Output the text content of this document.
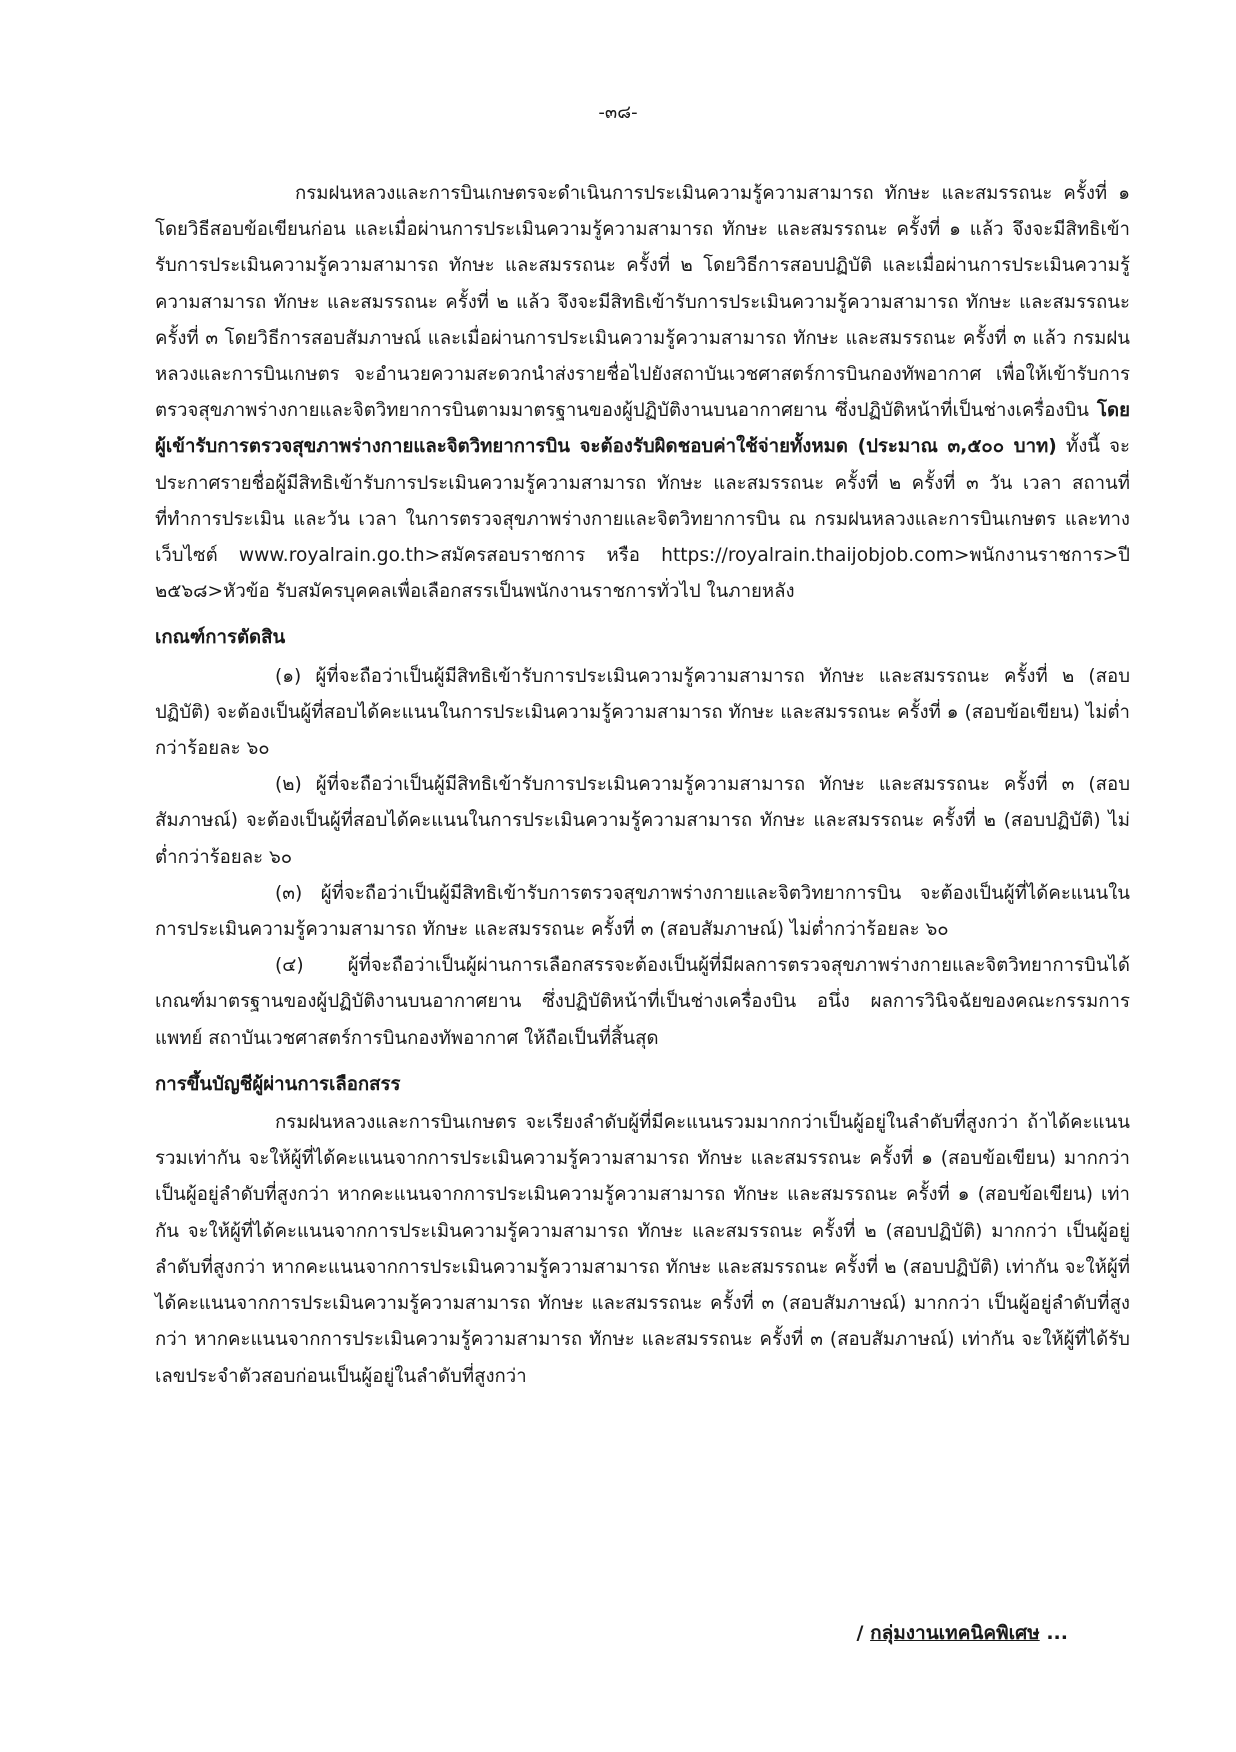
-๓๘-

กรมฝนหลวงและการบินเกษตรจะดำเนินการประเมินความรู้ความสามารถ ทักษะ และสมรรถนะ ครั้งที่ ๑ โดยวิธีสอบข้อเขียนก่อน และเมื่อผ่านการประเมินความรู้ความสามารถ ทักษะ และสมรรถนะ ครั้งที่ ๑ แล้ว จึงจะมีสิทธิเข้ารับการประเมินความรู้ความสามารถ ทักษะ และสมรรถนะ ครั้งที่ ๒ โดยวิธีการสอบปฏิบัติ และเมื่อผ่านการประเมินความรู้ความสามารถ ทักษะ และสมรรถนะ ครั้งที่ ๒ แล้ว จึงจะมีสิทธิเข้ารับการประเมินความรู้ความสามารถ ทักษะ และสมรรถนะ ครั้งที่ ๓ โดยวิธีการสอบสัมภาษณ์ และเมื่อผ่านการประเมินความรู้ความสามารถ ทักษะ และสมรรถนะ ครั้งที่ ๓ แล้ว กรมฝนหลวงและการบินเกษตร จะอำนวยความสะดวกนำส่งรายชื่อไปยังสถาบันเวชศาสตร์การบินกองทัพอากาศ เพื่อให้เข้ารับการตรวจสุขภาพร่างกายและจิตวิทยาการบินตามมาตรฐานของผู้ปฏิบัติงานบนอากาศยาน ซึ่งปฏิบัติหน้าที่เป็นช่างเครื่องบิน โดยผู้เข้ารับการตรวจสุขภาพร่างกายและจิตวิทยาการบิน จะต้องรับผิดชอบค่าใช้จ่ายทั้งหมด (ประมาณ ๓,๕๐๐ บาท) ทั้งนี้ จะประกาศรายชื่อผู้มีสิทธิเข้ารับการประเมินความรู้ความสามารถ ทักษะ และสมรรถนะ ครั้งที่ ๒ ครั้งที่ ๓ วัน เวลา สถานที่ที่ทำการประเมิน และวัน เวลา ในการตรวจสุขภาพร่างกายและจิตวิทยาการบิน ณ กรมฝนหลวงและการบินเกษตร และทางเว็บไซต์ www.royalrain.go.th>สมัครสอบราชการ หรือ https://royalrain.thaijobjob.com>พนักงานราชการ>ปี ๒๕๖๘>หัวข้อ รับสมัครบุคคลเพื่อเลือกสรรเป็นพนักงานราชการทั่วไป ในภายหลัง

เกณฑ์การตัดสิน

(๑) ผู้ที่จะถือว่าเป็นผู้มีสิทธิเข้ารับการประเมินความรู้ความสามารถ ทักษะ และสมรรถนะ ครั้งที่ ๒ (สอบปฏิบัติ) จะต้องเป็นผู้ที่สอบได้คะแนนในการประเมินความรู้ความสามารถ ทักษะ และสมรรถนะ ครั้งที่ ๑ (สอบข้อเขียน) ไม่ต่ำกว่าร้อยละ ๖๐

(๒) ผู้ที่จะถือว่าเป็นผู้มีสิทธิเข้ารับการประเมินความรู้ความสามารถ ทักษะ และสมรรถนะ ครั้งที่ ๓ (สอบสัมภาษณ์) จะต้องเป็นผู้ที่สอบได้คะแนนในการประเมินความรู้ความสามารถ ทักษะ และสมรรถนะ ครั้งที่ ๒ (สอบปฏิบัติ) ไม่ต่ำกว่าร้อยละ ๖๐

(๓) ผู้ที่จะถือว่าเป็นผู้มีสิทธิเข้ารับการตรวจสุขภาพร่างกายและจิตวิทยาการบิน จะต้องเป็นผู้ที่ได้คะแนนในการประเมินความรู้ความสามารถ ทักษะ และสมรรถนะ ครั้งที่ ๓ (สอบสัมภาษณ์) ไม่ต่ำกว่าร้อยละ ๖๐

(๔) ผู้ที่จะถือว่าเป็นผู้ผ่านการเลือกสรรจะต้องเป็นผู้ที่มีผลการตรวจสุขภาพร่างกายและจิตวิทยาการบินได้เกณฑ์มาตรฐานของผู้ปฏิบัติงานบนอากาศยาน ซึ่งปฏิบัติหน้าที่เป็นช่างเครื่องบิน อนึ่ง ผลการวินิจฉัยของคณะกรรมการแพทย์ สถาบันเวชศาสตร์การบินกองทัพอากาศ ให้ถือเป็นที่สิ้นสุด

การขึ้นบัญชีผู้ผ่านการเลือกสรร

กรมฝนหลวงและการบินเกษตร จะเรียงลำดับผู้ที่มีคะแนนรวมมากกว่าเป็นผู้อยู่ในลำดับที่สูงกว่า ถ้าได้คะแนนรวมเท่ากัน จะให้ผู้ที่ได้คะแนนจากการประเมินความรู้ความสามารถ ทักษะ และสมรรถนะ ครั้งที่ ๑ (สอบข้อเขียน) มากกว่า เป็นผู้อยู่ลำดับที่สูงกว่า หากคะแนนจากการประเมินความรู้ความสามารถ ทักษะ และสมรรถนะ ครั้งที่ ๑ (สอบข้อเขียน) เท่ากัน จะให้ผู้ที่ได้คะแนนจากการประเมินความรู้ความสามารถ ทักษะ และสมรรถนะ ครั้งที่ ๒ (สอบปฏิบัติ) มากกว่า เป็นผู้อยู่ลำดับที่สูงกว่า หากคะแนนจากการประเมินความรู้ความสามารถ ทักษะ และสมรรถนะ ครั้งที่ ๒ (สอบปฏิบัติ) เท่ากัน จะให้ผู้ที่ได้คะแนนจากการประเมินความรู้ความสามารถ ทักษะ และสมรรถนะ ครั้งที่ ๓ (สอบสัมภาษณ์) มากกว่า เป็นผู้อยู่ลำดับที่สูงกว่า หากคะแนนจากการประเมินความรู้ความสามารถ ทักษะ และสมรรถนะ ครั้งที่ ๓ (สอบสัมภาษณ์) เท่ากัน จะให้ผู้ที่ได้รับเลขประจำตัวสอบก่อนเป็นผู้อยู่ในลำดับที่สูงกว่า

/ กลุ่มงานเทคนิคพิเศษ ...
